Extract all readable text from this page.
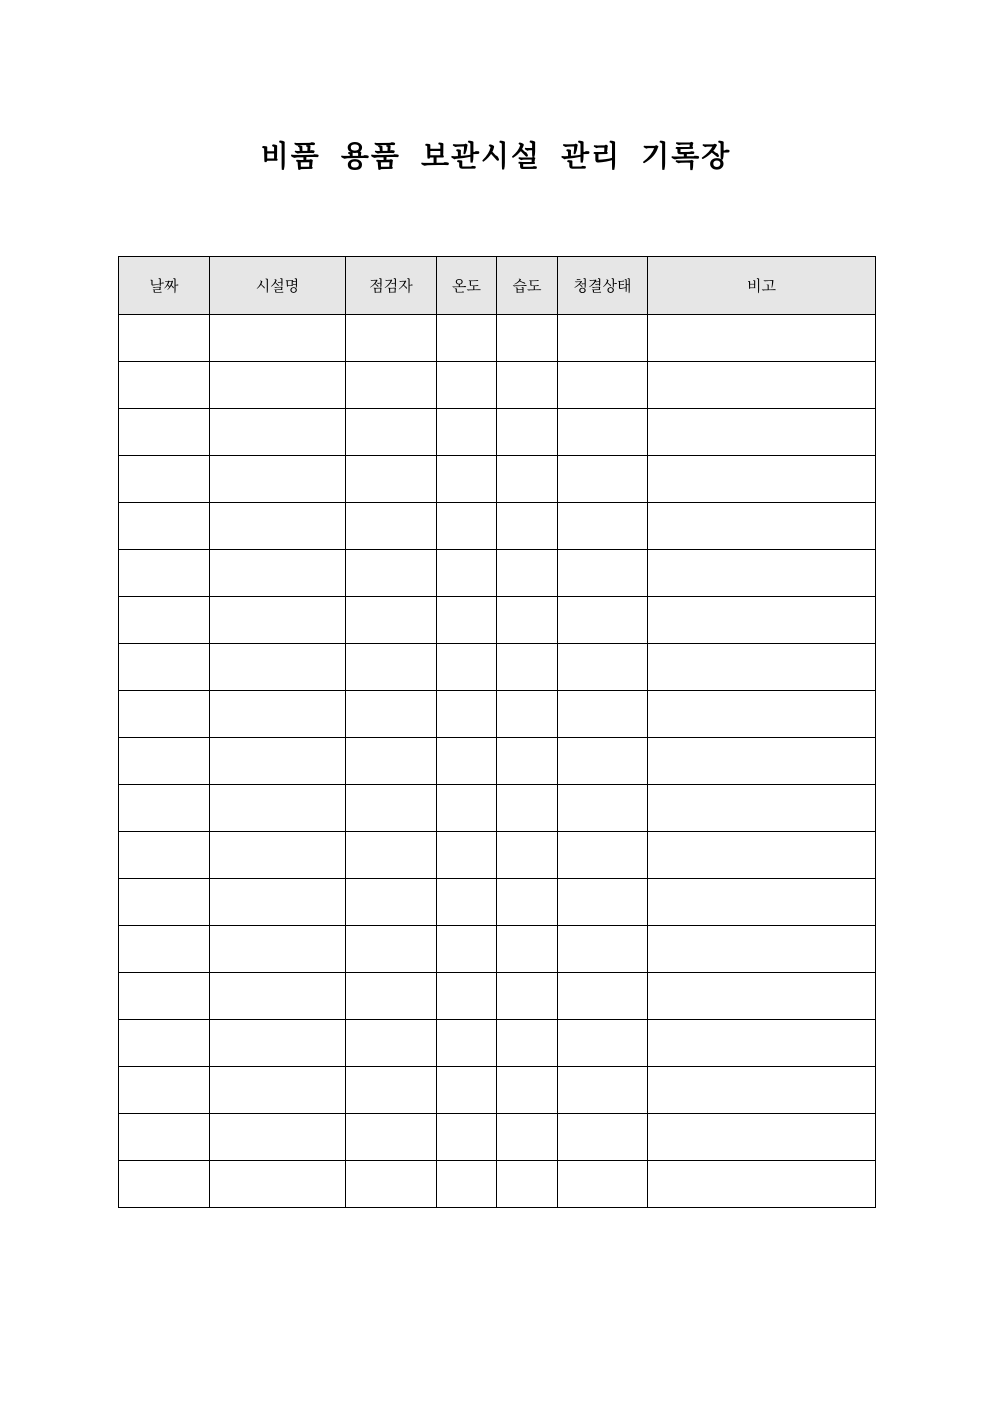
비품 용품 보관시설 관리 기록장
날짜	시설명	점검자	온도	습도	청결상태	비고
